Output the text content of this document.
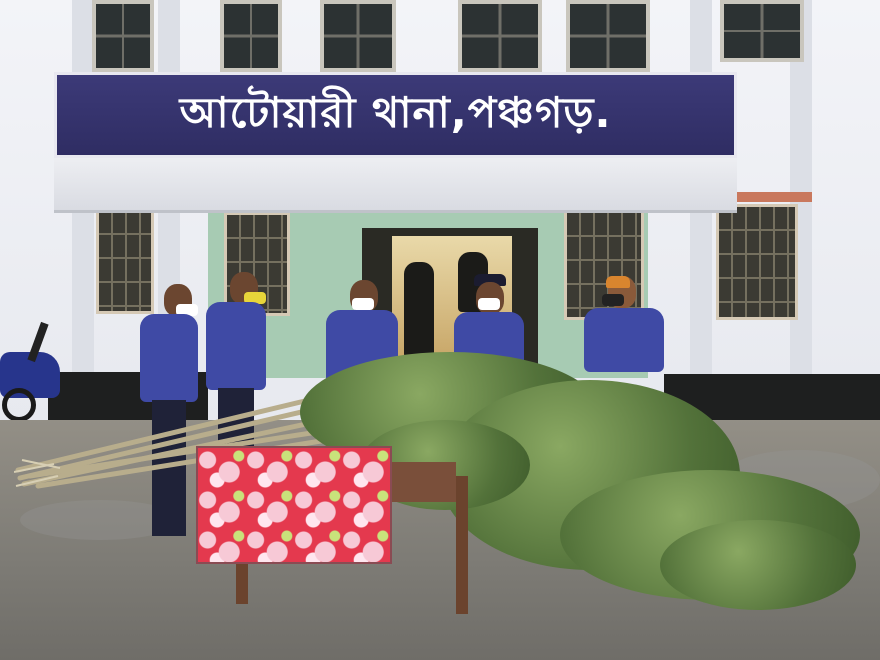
আটোয়ারী থানা,পঞ্চগড়.
